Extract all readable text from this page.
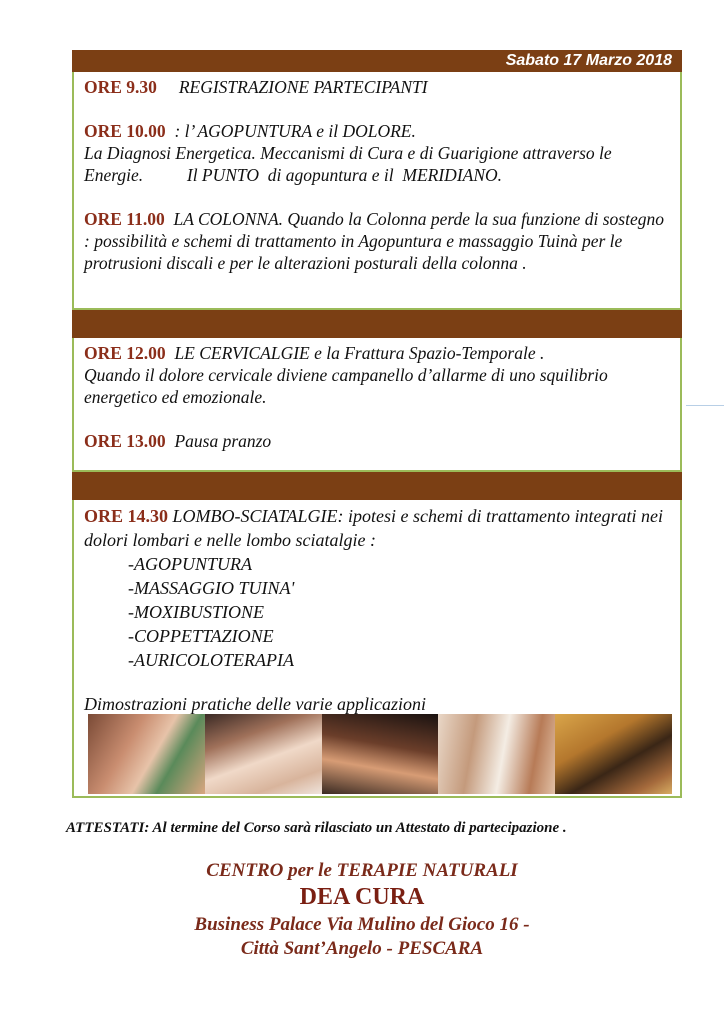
Sabato 17 Marzo 2018

ORE 9.30 REGISTRAZIONE PARTECIPANTI

ORE 10.00 : l’ AGOPUNTURA e il DOLORE.
La Diagnosi Energetica. Meccanismi di Cura e di Guarigione attraverso le Energie.          Il PUNTO  di agopuntura e il  MERIDIANO.

ORE 11.00 LA COLONNA. Quando la Colonna perde la sua funzione di sostegno : possibilità e schemi di trattamento in Agopuntura e massaggio Tuinà per le protrusioni discali e per le alterazioni posturali della colonna .

ORE 12.00 LE CERVICALGIE e la Frattura Spazio-Temporale .
Quando il dolore cervicale diviene campanello d’allarme di uno squilibrio energetico ed emozionale.

ORE 13.00 Pausa pranzo

ORE 14.30 LOMBO-SCIATALGIE: ipotesi e schemi di trattamento integrati nei dolori lombari e nelle lombo sciatalgie :
-AGOPUNTURA
-MASSAGGIO TUINA'
-MOXIBUSTIONE
-COPPETTAZIONE
-AURICOLOTERAPIA
Dimostrazioni pratiche delle varie applicazioni
ATTESTATI: Al termine del Corso sarà rilasciato un Attestato di partecipazione .
CENTRO per le TERAPIE NATURALI
DEA CURA
Business Palace Via Mulino del Gioco 16 -
Città Sant’Angelo - PESCARA
